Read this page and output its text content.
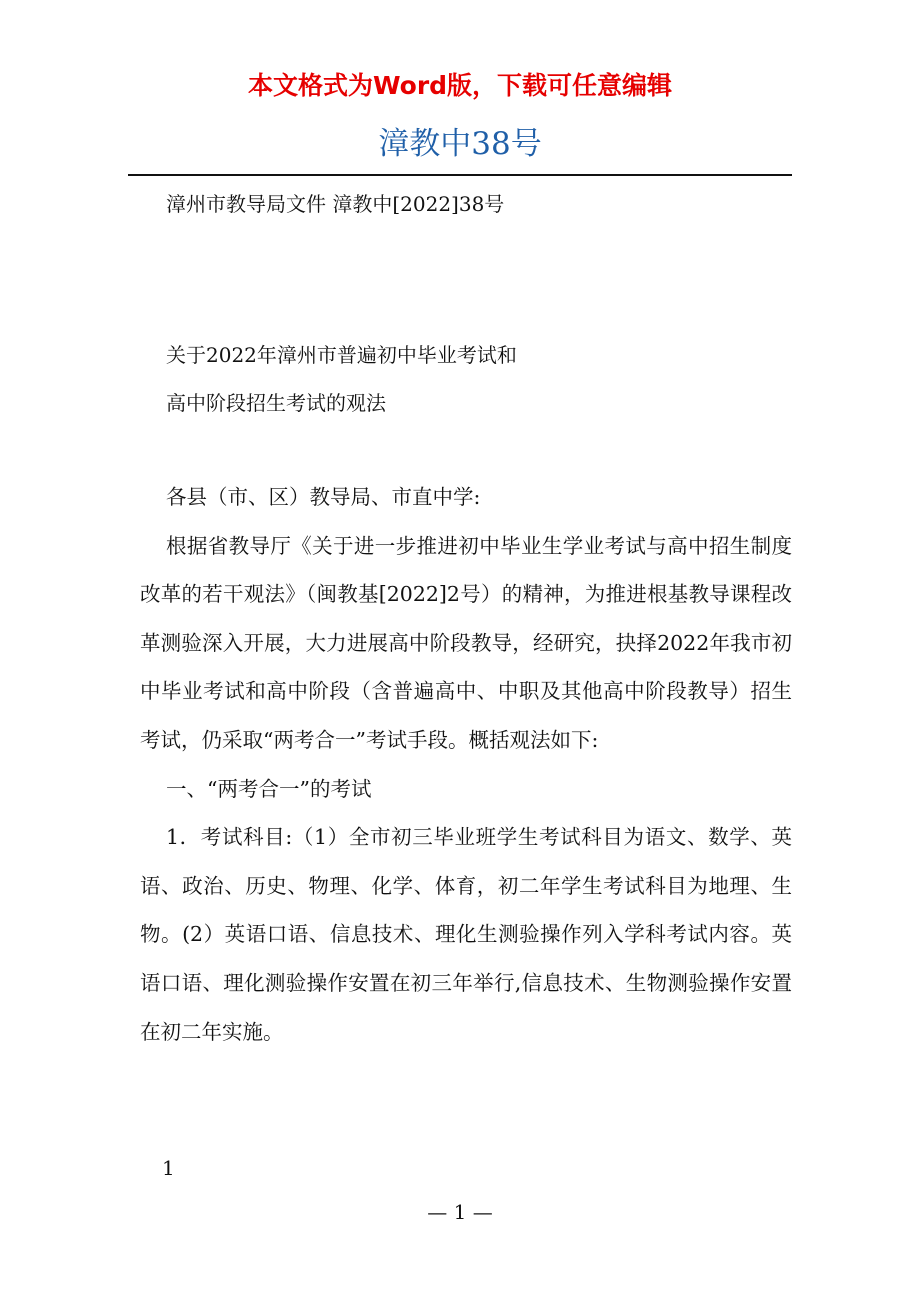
本文格式为Word版，下载可任意编辑
漳教中38号
漳州市教导局文件 漳教中[2022]38号
关于2022年漳州市普遍初中毕业考试和
高中阶段招生考试的观法

各县（市、区）教导局、市直中学:

根据省教导厅《关于进一步推进初中毕业生学业考试与高中招生制度改革的若干观法》（闽教基[2022]2号）的精神，为推进根基教导课程改革测验深入开展，大力进展高中阶段教导，经研究，抉择2022年我市初中毕业考试和高中阶段（含普遍高中、中职及其他高中阶段教导）招生考试，仍采取“两考合一”考试手段。概括观法如下:

一、“两考合一”的考试

1．考试科目:（1）全市初三毕业班学生考试科目为语文、数学、英语、政治、历史、物理、化学、体育，初二年学生考试科目为地理、生物。(2）英语口语、信息技术、理化生测验操作列入学科考试内容。英语口语、理化测验操作安置在初三年举行,信息技术、生物测验操作安置在初二年实施。

1
— 1 —
